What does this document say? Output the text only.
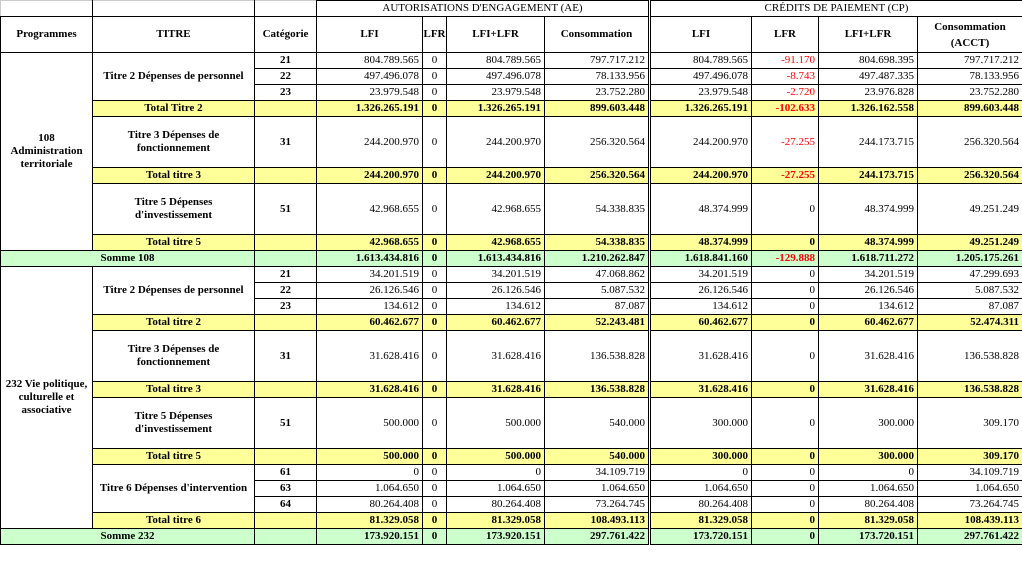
			AUTORISATIONS D'ENGAGEMENT (AE)				CRÉDITS DE PAIEMENT (CP)			
Programmes	TITRE	Catégorie	LFI	LFR	LFI+LFR	Consommation	LFI	LFR	LFI+LFR	Consommation (ACCT)
108 Administration territoriale	Titre 2 Dépenses de personnel	21	804.789.565	0	804.789.565	797.717.212	804.789.565	-91.170	804.698.395	797.717.212
		22	497.496.078	0	497.496.078	78.133.956	497.496.078	-8.743	497.487.335	78.133.956
		23	23.979.548	0	23.979.548	23.752.280	23.979.548	-2.720	23.976.828	23.752.280
	Total Titre 2		1.326.265.191	0	1.326.265.191	899.603.448	1.326.265.191	-102.633	1.326.162.558	899.603.448
	Titre 3 Dépenses de fonctionnement	31	244.200.970	0	244.200.970	256.320.564	244.200.970	-27.255	244.173.715	256.320.564
	Total titre 3		244.200.970	0	244.200.970	256.320.564	244.200.970	-27.255	244.173.715	256.320.564
	Titre 5 Dépenses d'investissement	51	42.968.655	0	42.968.655	54.338.835	48.374.999	0	48.374.999	49.251.249
	Total titre 5		42.968.655	0	42.968.655	54.338.835	48.374.999	0	48.374.999	49.251.249
Somme 108			1.613.434.816	0	1.613.434.816	1.210.262.847	1.618.841.160	-129.888	1.618.711.272	1.205.175.261
232 Vie politique, culturelle et associative	Titre 2 Dépenses de personnel	21	34.201.519	0	34.201.519	47.068.862	34.201.519	0	34.201.519	47.299.693
		22	26.126.546	0	26.126.546	5.087.532	26.126.546	0	26.126.546	5.087.532
		23	134.612	0	134.612	87.087	134.612	0	134.612	87.087
	Total titre 2		60.462.677	0	60.462.677	52.243.481	60.462.677	0	60.462.677	52.474.311
	Titre 3 Dépenses de fonctionnement	31	31.628.416	0	31.628.416	136.538.828	31.628.416	0	31.628.416	136.538.828
	Total titre 3		31.628.416	0	31.628.416	136.538.828	31.628.416	0	31.628.416	136.538.828
	Titre 5 Dépenses d'investissement	51	500.000	0	500.000	540.000	300.000	0	300.000	309.170
	Total titre 5		500.000	0	500.000	540.000	300.000	0	300.000	309.170
	Titre 6 Dépenses d'intervention	61	0	0	0	34.109.719	0	0	0	34.109.719
		63	1.064.650	0	1.064.650	1.064.650	1.064.650	0	1.064.650	1.064.650
		64	80.264.408	0	80.264.408	73.264.745	80.264.408	0	80.264.408	73.264.745
	Total titre 6		81.329.058	0	81.329.058	108.493.113	81.329.058	0	81.329.058	108.439.113
Somme 232			173.920.151	0	173.920.151	297.761.422	173.720.151	0	173.720.151	297.761.422
